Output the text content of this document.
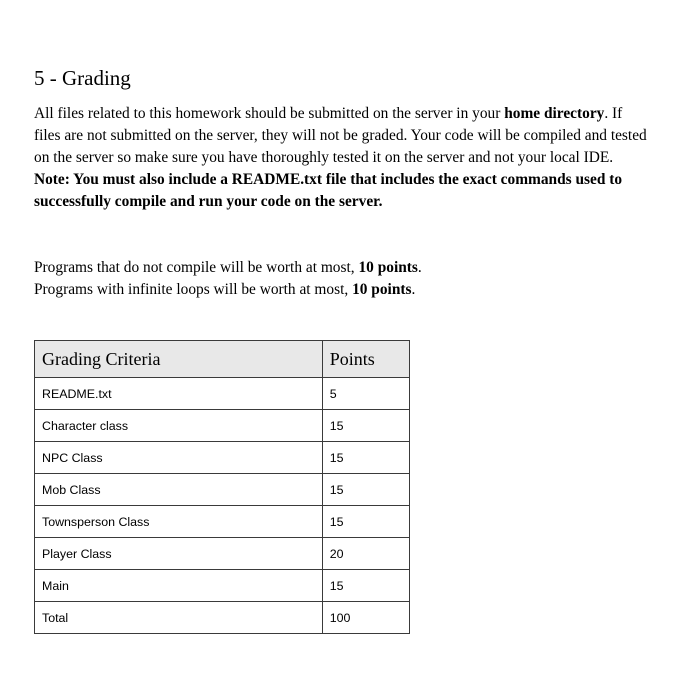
5 - Grading

All files related to this homework should be submitted on the server in your home directory. If files are not submitted on the server, they will not be graded. Your code will be compiled and tested on the server so make sure you have thoroughly tested it on the server and not your local IDE.
Note: You must also include a README.txt file that includes the exact commands used to successfully compile and run your code on the server.

Programs that do not compile will be worth at most, 10 points.
Programs with infinite loops will be worth at most, 10 points.

Grading Criteria	Points
README.txt	5
Character class	15
NPC Class	15
Mob Class	15
Townsperson Class	15
Player Class	20
Main	15
Total	100
